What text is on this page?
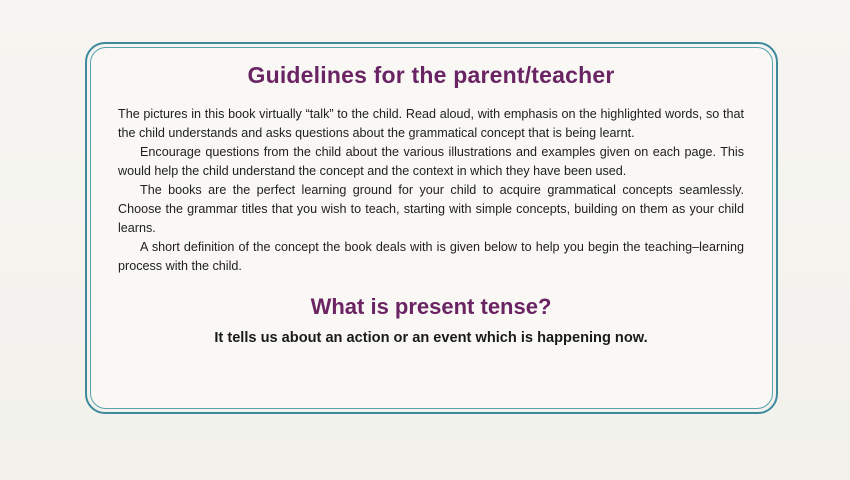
Guidelines for the parent/teacher

The pictures in this book virtually “talk” to the child. Read aloud, with emphasis on the highlighted words, so that the child understands and asks questions about the grammatical concept that is being learnt.

Encourage questions from the child about the various illustrations and examples given on each page. This would help the child understand the concept and the context in which they have been used.

The books are the perfect learning ground for your child to acquire grammatical concepts seamlessly. Choose the grammar titles that you wish to teach, starting with simple concepts, building on them as your child learns.

A short definition of the concept the book deals with is given below to help you begin the teaching–learning process with the child.

What is present tense?

It tells us about an action or an event which is happening now.
